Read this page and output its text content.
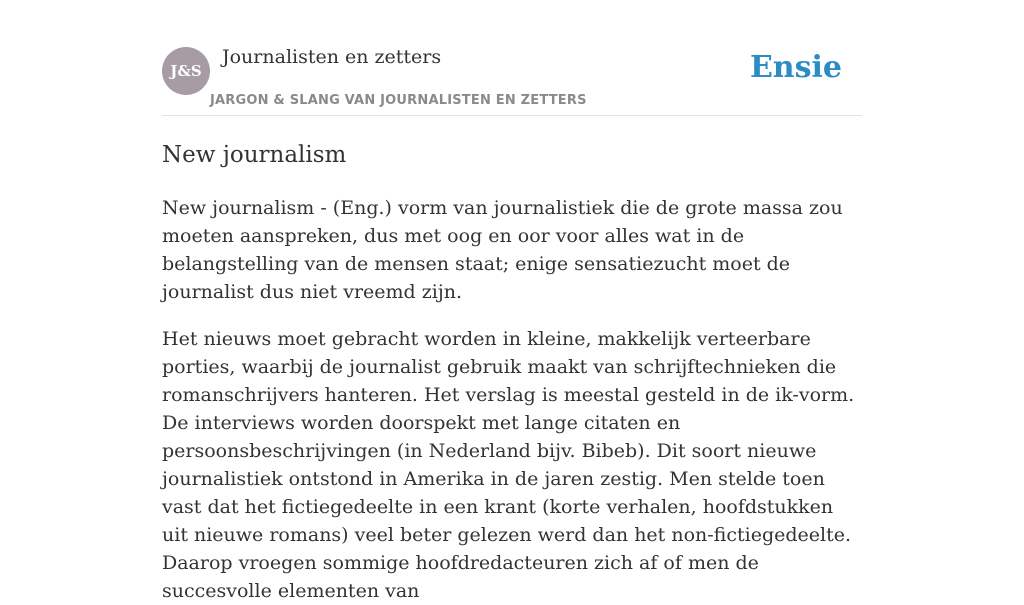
J&S
Journalisten en zetters
JARGON & SLANG VAN JOURNALISTEN EN ZETTERS
Ensie
New journalism

New journalism - (Eng.) vorm van journalistiek die de grote massa zou moeten aanspreken, dus met oog en oor voor alles wat in de belangstelling van de mensen staat; enige sensatiezucht moet de journalist dus niet vreemd zijn.

Het nieuws moet gebracht worden in kleine, makkelijk verteerbare porties, waarbij de journalist gebruik maakt van schrijftechnieken die romanschrijvers hanteren. Het verslag is meestal gesteld in de ik-vorm. De interviews worden doorspekt met lange citaten en persoonsbeschrijvingen (in Nederland bijv. Bibeb). Dit soort nieuwe journalistiek ontstond in Amerika in de jaren zestig. Men stelde toen vast dat het fictiegedeelte in een krant (korte verhalen, hoofdstukken uit nieuwe romans) veel beter gelezen werd dan het non-fictiegedeelte. Daarop vroegen sommige hoofdredacteuren zich af of men de succesvolle elementen van
